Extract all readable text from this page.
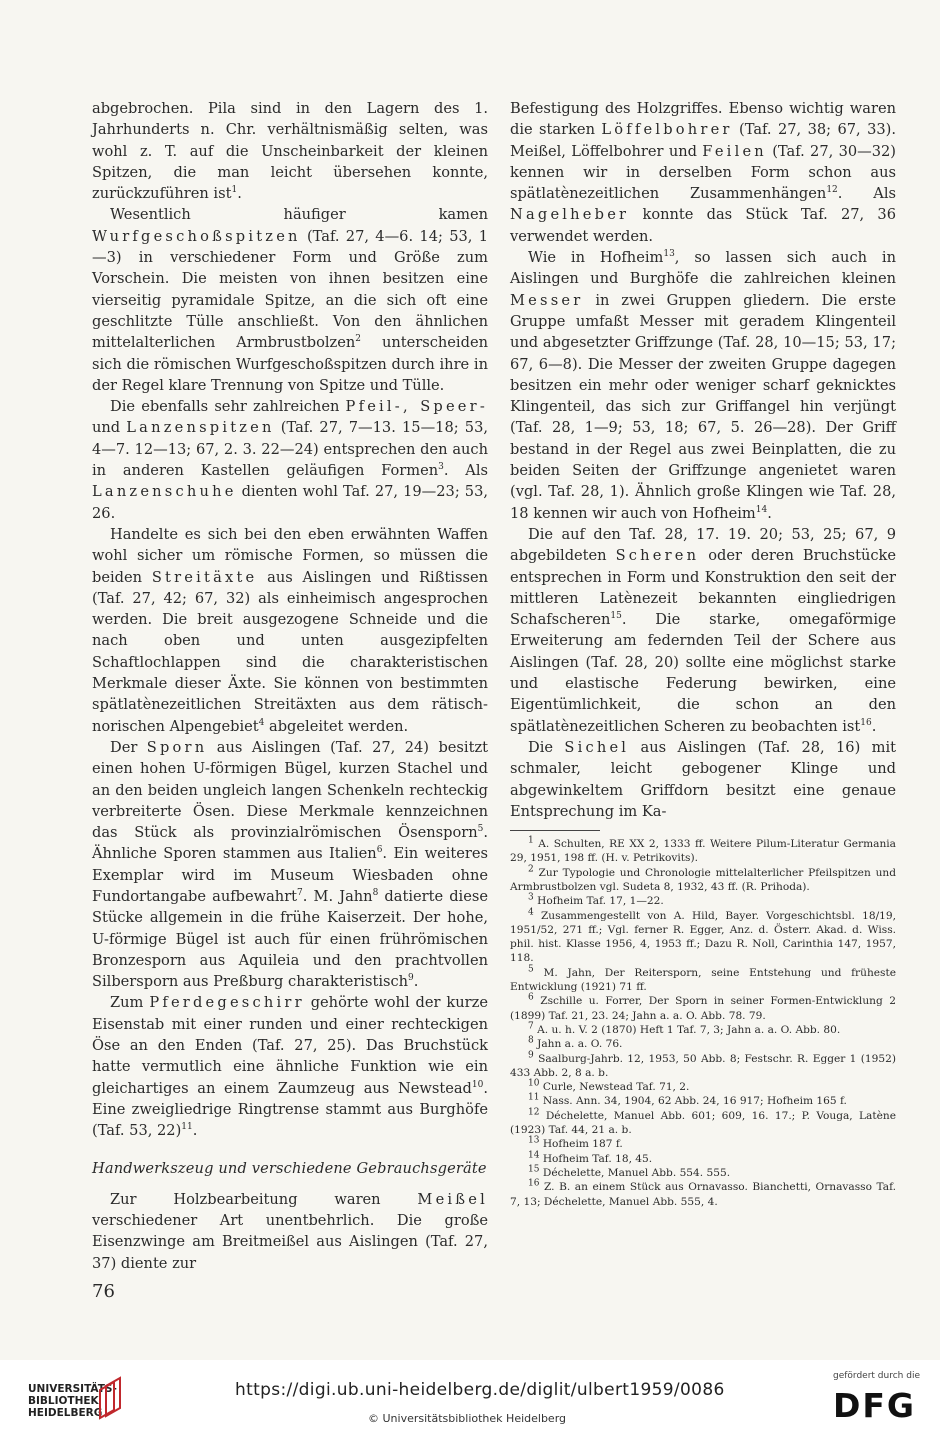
abgebrochen. Pila sind in den Lagern des 1. Jahrhunderts n. Chr. verhältnismäßig selten, was wohl z. T. auf die Unscheinbarkeit der kleinen Spitzen, die man leicht übersehen konnte, zurückzuführen ist$^1$.

Wesentlich häufiger kamen Wurfgeschoßspitzen (Taf. 27, 4—6. 14; 53, 1—3) in verschiedener Form und Größe zum Vorschein. Die meisten von ihnen besitzen eine vierseitig pyramidale Spitze, an die sich oft eine geschlitzte Tülle anschließt. Von den ähnlichen mittelalterlichen Armbrustbolzen$^2$ unterscheiden sich die römischen Wurfgeschoßspitzen durch ihre in der Regel klare Trennung von Spitze und Tülle.

Die ebenfalls sehr zahlreichen Pfeil-, Speer- und Lanzenspitzen (Taf. 27, 7—13. 15—18; 53, 4—7. 12—13; 67, 2. 3. 22—24) entsprechen den auch in anderen Kastellen geläufigen Formen$^3$. Als Lanzenschuhe dienten wohl Taf. 27, 19—23; 53, 26.

Handelte es sich bei den eben erwähnten Waffen wohl sicher um römische Formen, so müssen die beiden Streitäxte aus Aislingen und Rißtissen (Taf. 27, 42; 67, 32) als einheimisch angesprochen werden. Die breit ausgezogene Schneide und die nach oben und unten ausgezipfelten Schaftlochlappen sind die charakteristischen Merkmale dieser Äxte. Sie können von bestimmten spätlatènezeitlichen Streitäxten aus dem rätisch-norischen Alpengebiet$^4$ abgeleitet werden.

Der Sporn aus Aislingen (Taf. 27, 24) besitzt einen hohen U-förmigen Bügel, kurzen Stachel und an den beiden ungleich langen Schenkeln rechteckig verbreiterte Ösen. Diese Merkmale kennzeichnen das Stück als provinzialrömischen Ösensporn$^5$. Ähnliche Sporen stammen aus Italien$^6$. Ein weiteres Exemplar wird im Museum Wiesbaden ohne Fundortangabe aufbewahrt$^7$. M. Jahn$^8$ datierte diese Stücke allgemein in die frühe Kaiserzeit. Der hohe, U-förmige Bügel ist auch für einen frührömischen Bronzesporn aus Aquileia und den prachtvollen Silbersporn aus Preßburg charakteristisch$^9$.

Zum Pferdegeschirr gehörte wohl der kurze Eisenstab mit einer runden und einer rechteckigen Öse an den Enden (Taf. 27, 25). Das Bruchstück hatte vermutlich eine ähnliche Funktion wie ein gleichartiges an einem Zaumzeug aus Newstead$^{10}$. Eine zweigliedrige Ringtrense stammt aus Burghöfe (Taf. 53, 22)$^{11}$.

Handwerkszeug und verschiedene Gebrauchsgeräte

Zur Holzbearbeitung waren Meißel verschiedener Art unentbehrlich. Die große Eisenzwinge am Breitmeißel aus Aislingen (Taf. 27, 37) diente zur

Befestigung des Holzgriffes. Ebenso wichtig waren die starken Löffelbohrer (Taf. 27, 38; 67, 33). Meißel, Löffelbohrer und Feilen (Taf. 27, 30—32) kennen wir in derselben Form schon aus spätlatènezeitlichen Zusammenhängen$^{12}$. Als Nagelheber konnte das Stück Taf. 27, 36 verwendet werden.

Wie in Hofheim$^{13}$, so lassen sich auch in Aislingen und Burghöfe die zahlreichen kleinen Messer in zwei Gruppen gliedern. Die erste Gruppe umfaßt Messer mit geradem Klingenteil und abgesetzter Griffzunge (Taf. 28, 10—15; 53, 17; 67, 6—8). Die Messer der zweiten Gruppe dagegen besitzen ein mehr oder weniger scharf geknicktes Klingenteil, das sich zur Griffangel hin verjüngt (Taf. 28, 1—9; 53, 18; 67, 5. 26—28). Der Griff bestand in der Regel aus zwei Beinplatten, die zu beiden Seiten der Griffzunge angenietet waren (vgl. Taf. 28, 1). Ähnlich große Klingen wie Taf. 28, 18 kennen wir auch von Hofheim$^{14}$.

Die auf den Taf. 28, 17. 19. 20; 53, 25; 67, 9 abgebildeten Scheren oder deren Bruchstücke entsprechen in Form und Konstruktion den seit der mittleren Latènezeit bekannten eingliedrigen Schafscheren$^{15}$. Die starke, omegaförmige Erweiterung am federnden Teil der Schere aus Aislingen (Taf. 28, 20) sollte eine möglichst starke und elastische Federung bewirken, eine Eigentümlichkeit, die schon an den spätlatènezeitlichen Scheren zu beobachten ist$^{16}$.

Die Sichel aus Aislingen (Taf. 28, 16) mit schmaler, leicht gebogener Klinge und abgewinkeltem Griffdorn besitzt eine genaue Entsprechung im Ka-

$^1$ A. Schulten, RE XX 2, 1333 ff. Weitere Pilum-Literatur Germania 29, 1951, 198 ff. (H. v. Petrikovits).

$^2$ Zur Typologie und Chronologie mittelalterlicher Pfeilspitzen und Armbrustbolzen vgl. Sudeta 8, 1932, 43 ff. (R. Prihoda).

$^3$ Hofheim Taf. 17, 1—22.

$^4$ Zusammengestellt von A. Hild, Bayer. Vorgeschichtsbl. 18/19, 1951/52, 271 ff.; Vgl. ferner R. Egger, Anz. d. Österr. Akad. d. Wiss. phil. hist. Klasse 1956, 4, 1953 ff.; Dazu R. Noll, Carinthia 147, 1957, 118.

$^5$ M. Jahn, Der Reitersporn, seine Entstehung und früheste Entwicklung (1921) 71 ff.

$^6$ Zschille u. Forrer, Der Sporn in seiner Formen-Entwicklung 2 (1899) Taf. 21, 23. 24; Jahn a. a. O. Abb. 78. 79.

$^7$ A. u. h. V. 2 (1870) Heft 1 Taf. 7, 3; Jahn a. a. O. Abb. 80.

$^8$ Jahn a. a. O. 76.

$^9$ Saalburg-Jahrb. 12, 1953, 50 Abb. 8; Festschr. R. Egger 1 (1952) 433 Abb. 2, 8 a. b.

$^{10}$ Curle, Newstead Taf. 71, 2.

$^{11}$ Nass. Ann. 34, 1904, 62 Abb. 24, 16 917; Hofheim 165 f.

$^{12}$ Déchelette, Manuel Abb. 601; 609, 16. 17.; P. Vouga, Latène (1923) Taf. 44, 21 a. b.

$^{13}$ Hofheim 187 f.

$^{14}$ Hofheim Taf. 18, 45.

$^{15}$ Déchelette, Manuel Abb. 554. 555.

$^{16}$ Z. B. an einem Stück aus Ornavasso. Bianchetti, Ornavasso Taf. 7, 13; Déchelette, Manuel Abb. 555, 4.

76
UNIVERSITÄTS-
BIBLIOTHEK
HEIDELBERG
https://digi.ub.uni-heidelberg.de/diglit/ulbert1959/0086
© Universitätsbibliothek Heidelberg
gefördert durch die
DFG
